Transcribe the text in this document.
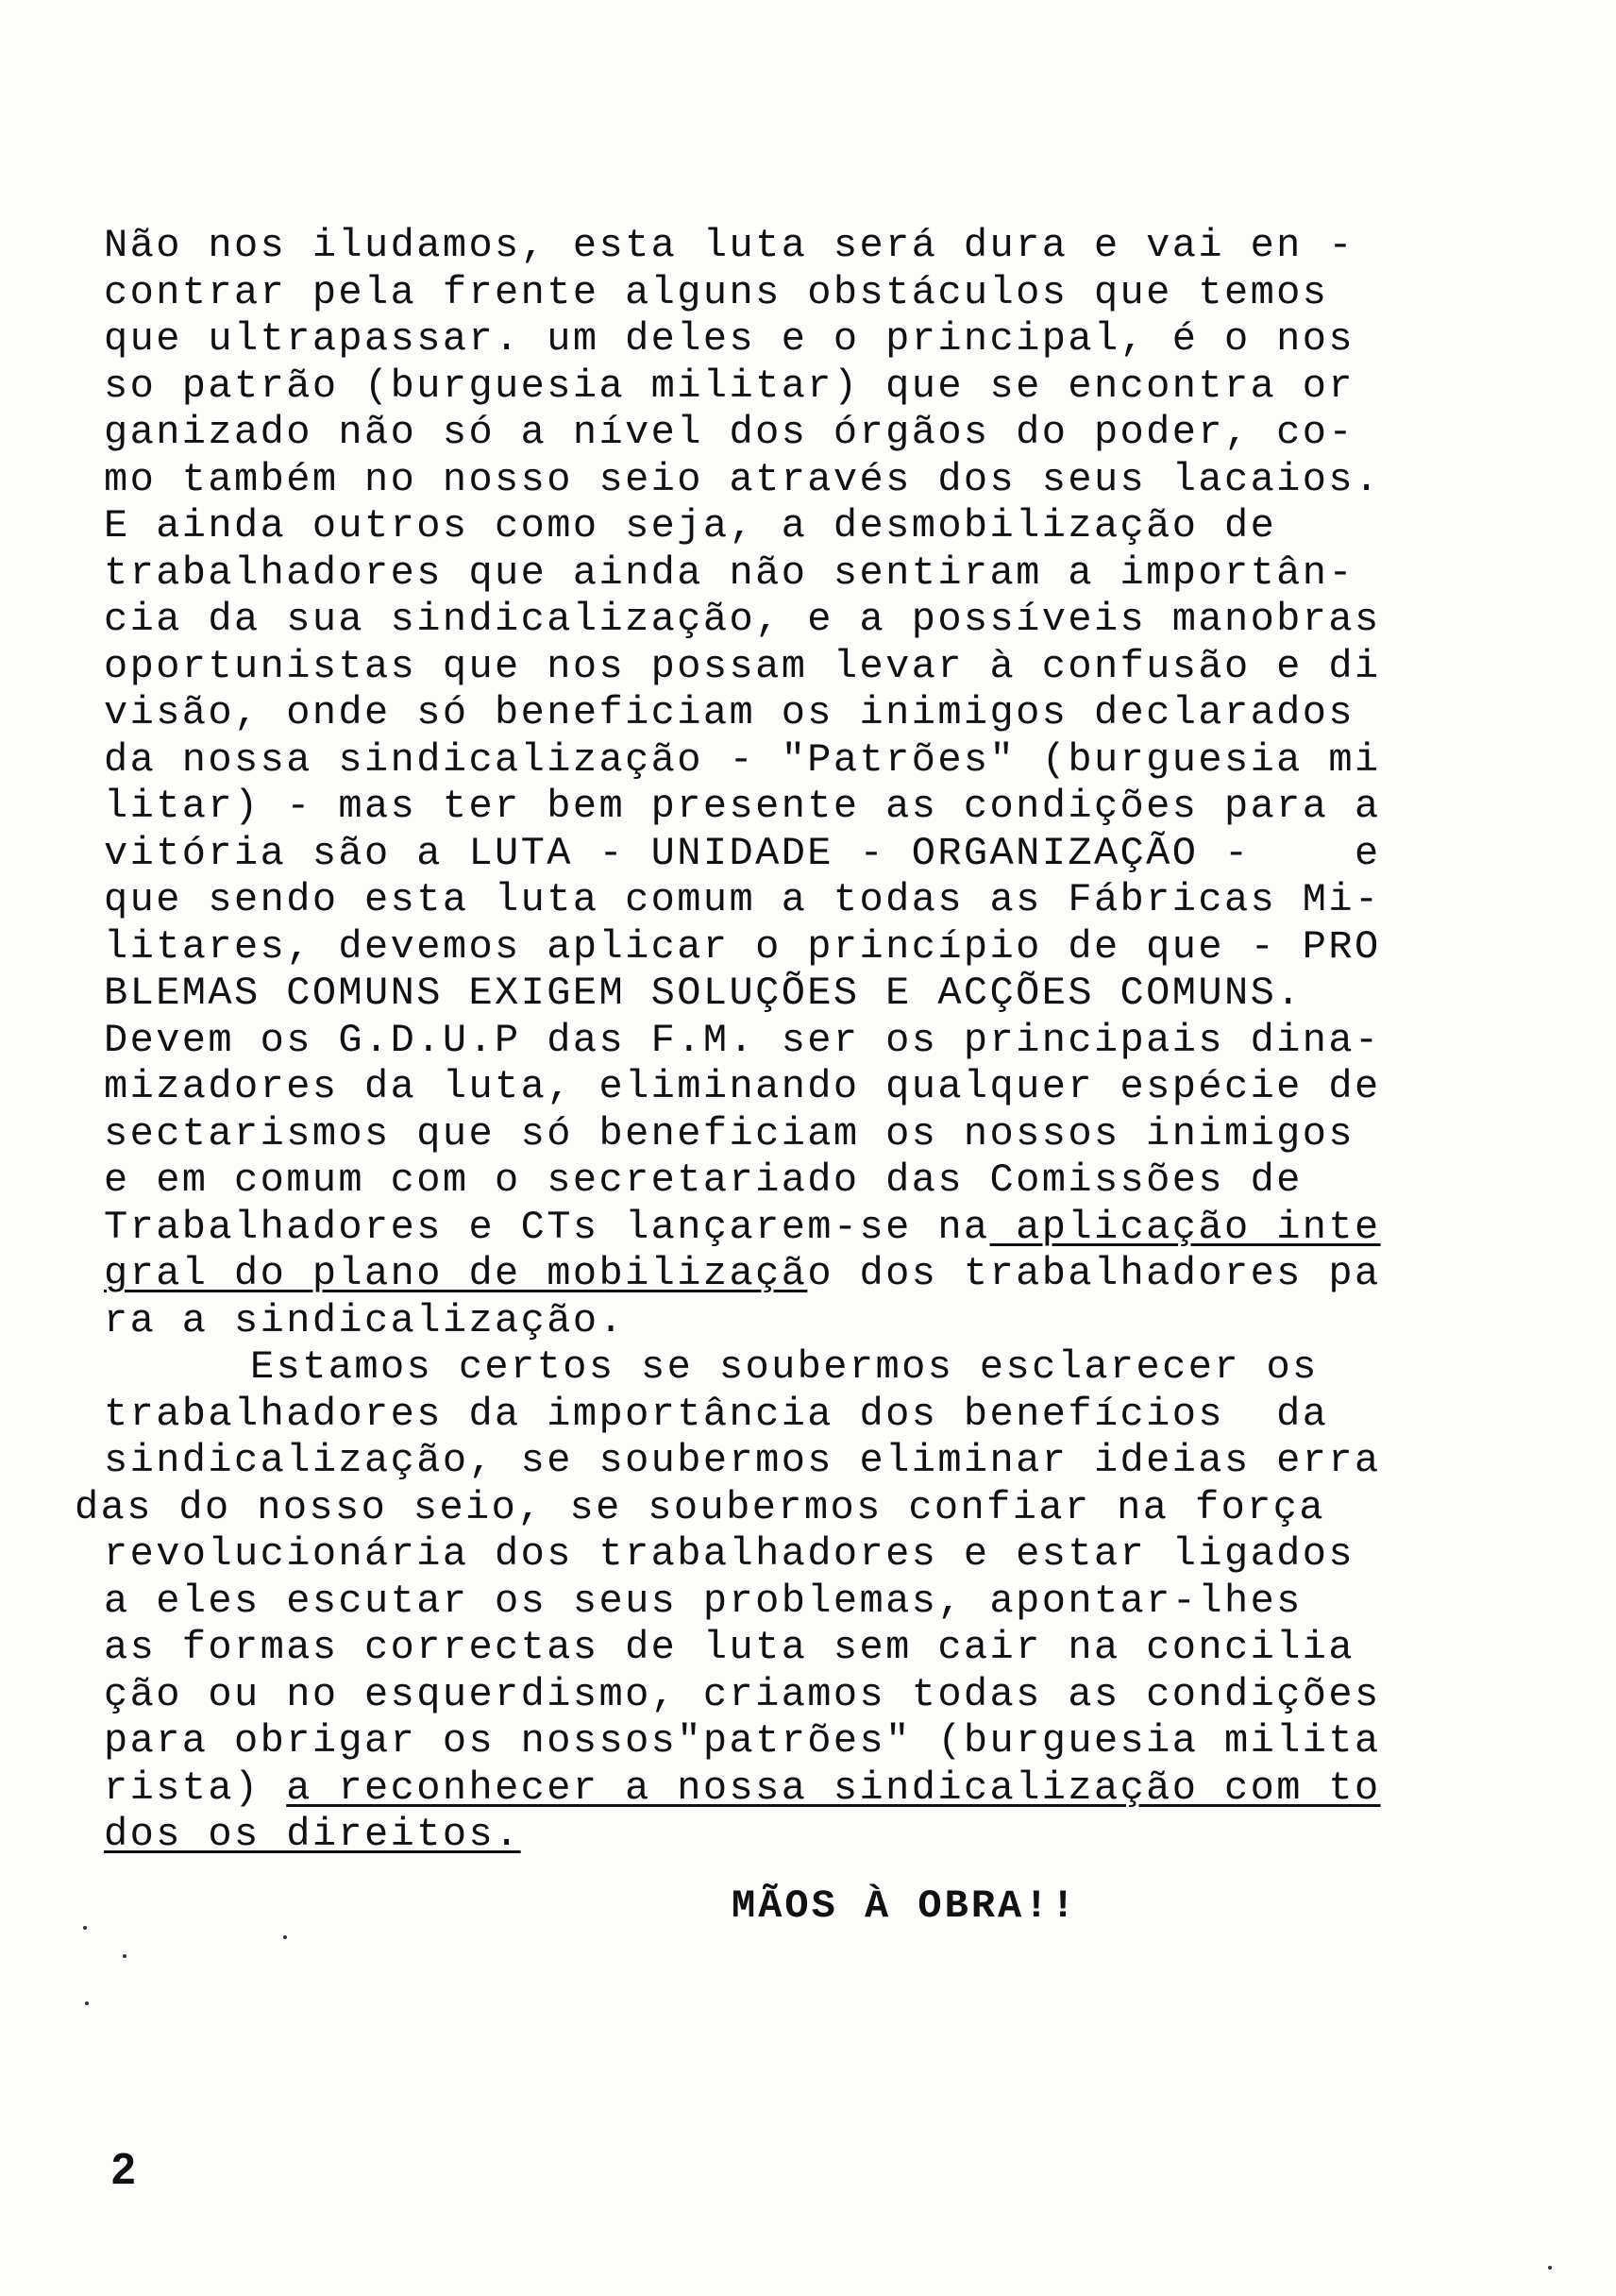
Não nos iludamos, esta luta será dura e vai en -
contrar pela frente alguns obstáculos que temos
que ultrapassar. um deles e o principal, é o nos
so patrão (burguesia militar) que se encontra or
ganizado não só a nível dos órgãos do poder, co-
mo também no nosso seio através dos seus lacaios.
E ainda outros como seja, a desmobilização de
trabalhadores que ainda não sentiram a importân-
cia da sua sindicalização, e a possíveis manobras
oportunistas que nos possam levar à confusão e di
visão, onde só beneficiam os inimigos declarados
da nossa sindicalização - "Patrões" (burguesia mi
litar) - mas ter bem presente as condições para a
vitória são a LUTA - UNIDADE - ORGANIZAÇÃO -    e
que sendo esta luta comum a todas as Fábricas Mi-
litares, devemos aplicar o princípio de que - PRO
BLEMAS COMUNS EXIGEM SOLUÇÕES E ACÇÕES COMUNS.
Devem os G.D.U.P das F.M. ser os principais dina-
mizadores da luta, eliminando qualquer espécie de
sectarismos que só beneficiam os nossos inimigos
e em comum com o secretariado das Comissões de
Trabalhadores e CTs lançarem-se na aplicação inte
gral do plano de mobilização dos trabalhadores pa
ra a sindicalização.
Estamos certos se soubermos esclarecer os
trabalhadores da importância dos benefícios  da
sindicalização, se soubermos eliminar ideias erra
das do nosso seio, se soubermos confiar na força
revolucionária dos trabalhadores e estar ligados
a eles escutar os seus problemas, apontar-lhes
as formas correctas de luta sem cair na concilia
ção ou no esquerdismo, criamos todas as condições
para obrigar os nossos"patrões" (burguesia milita
rista) a reconhecer a nossa sindicalização com to
dos os direitos.
MÃOS À OBRA!!
2
